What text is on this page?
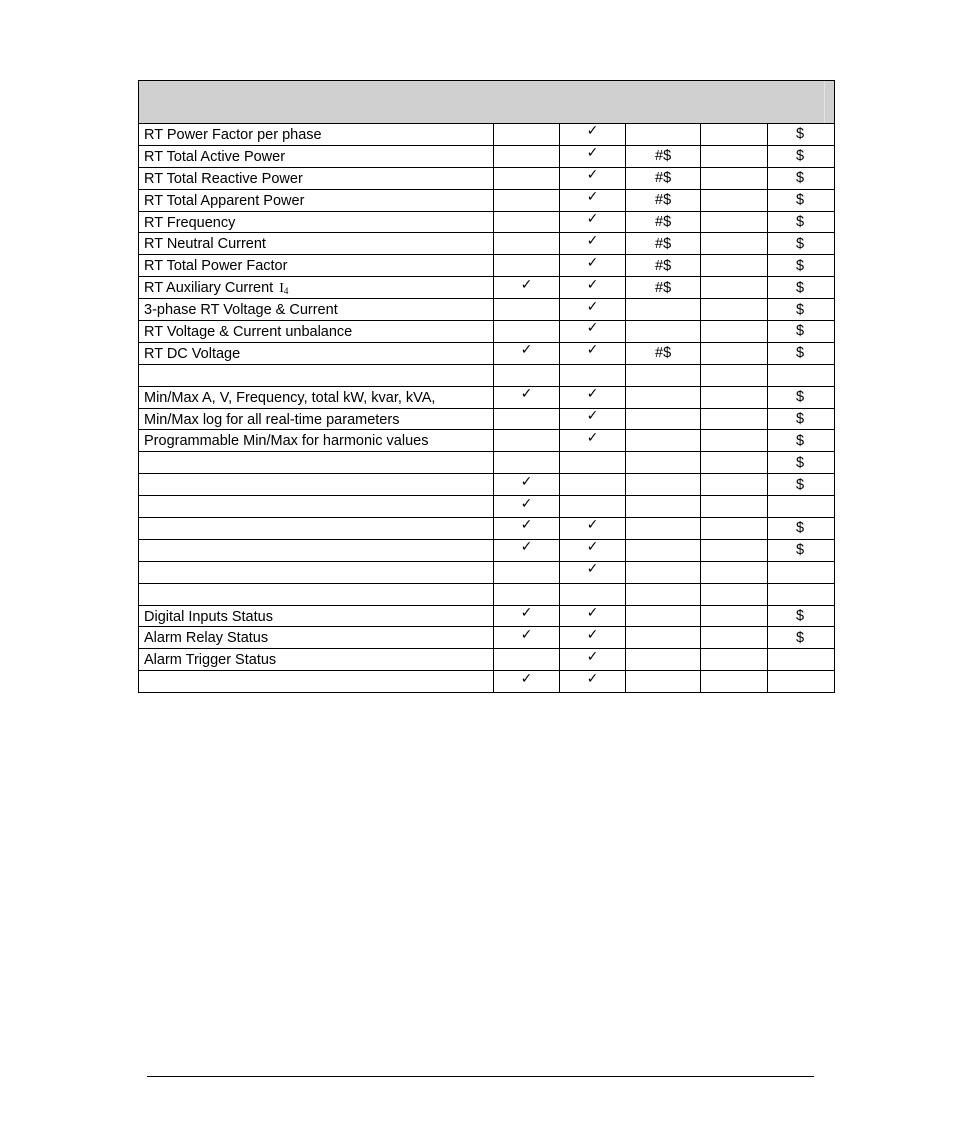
RT Power Factor per phase		✓			$
RT Total Active Power		✓	#$		$
RT Total Reactive Power		✓	#$		$
RT Total Apparent Power		✓	#$		$
RT Frequency		✓	#$		$
RT Neutral Current		✓	#$		$
RT Total Power Factor		✓	#$		$
RT Auxiliary Current I4	✓	✓	#$		$
3-phase RT Voltage & Current		✓			$
RT Voltage & Current unbalance		✓			$
RT DC Voltage	✓	✓	#$		$

Min/Max A, V, Frequency, total kW, kvar, kVA,	✓	✓			$
Min/Max log for all real-time parameters		✓			$
Programmable Min/Max for harmonic values		✓			$
					$
	✓				$
	✓				
	✓	✓			$
	✓	✓			$
		✓			

Digital Inputs Status	✓	✓			$
Alarm Relay Status	✓	✓			$
Alarm Trigger Status		✓			
	✓	✓			
